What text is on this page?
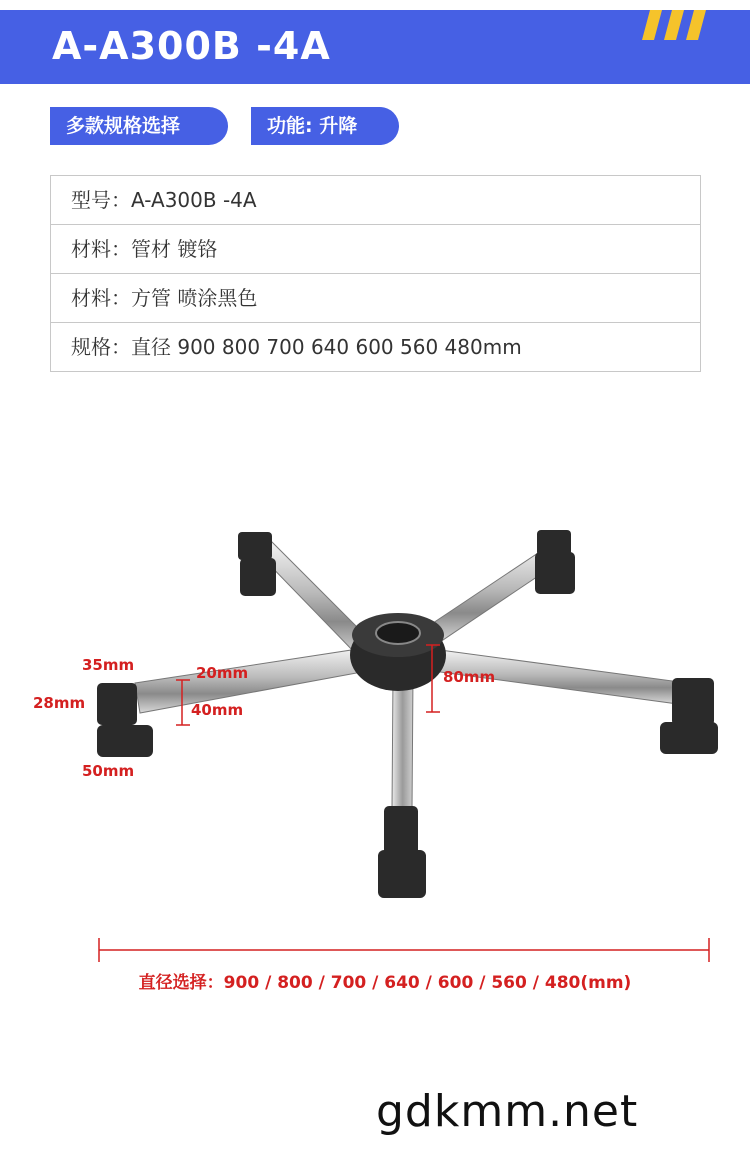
A-A300B -4A
多款规格选择	功能: 升降
型号：A-A300B -4A
材料：管材 镀铬
材料：方管 喷涂黑色
规格：直径 900 800 700 640 600 560 480mm
35mm
28mm
50mm
20mm
40mm
80mm
直径选择：900 / 800 / 700 / 640 / 600 / 560 / 480(mm)
gdkmm.net
